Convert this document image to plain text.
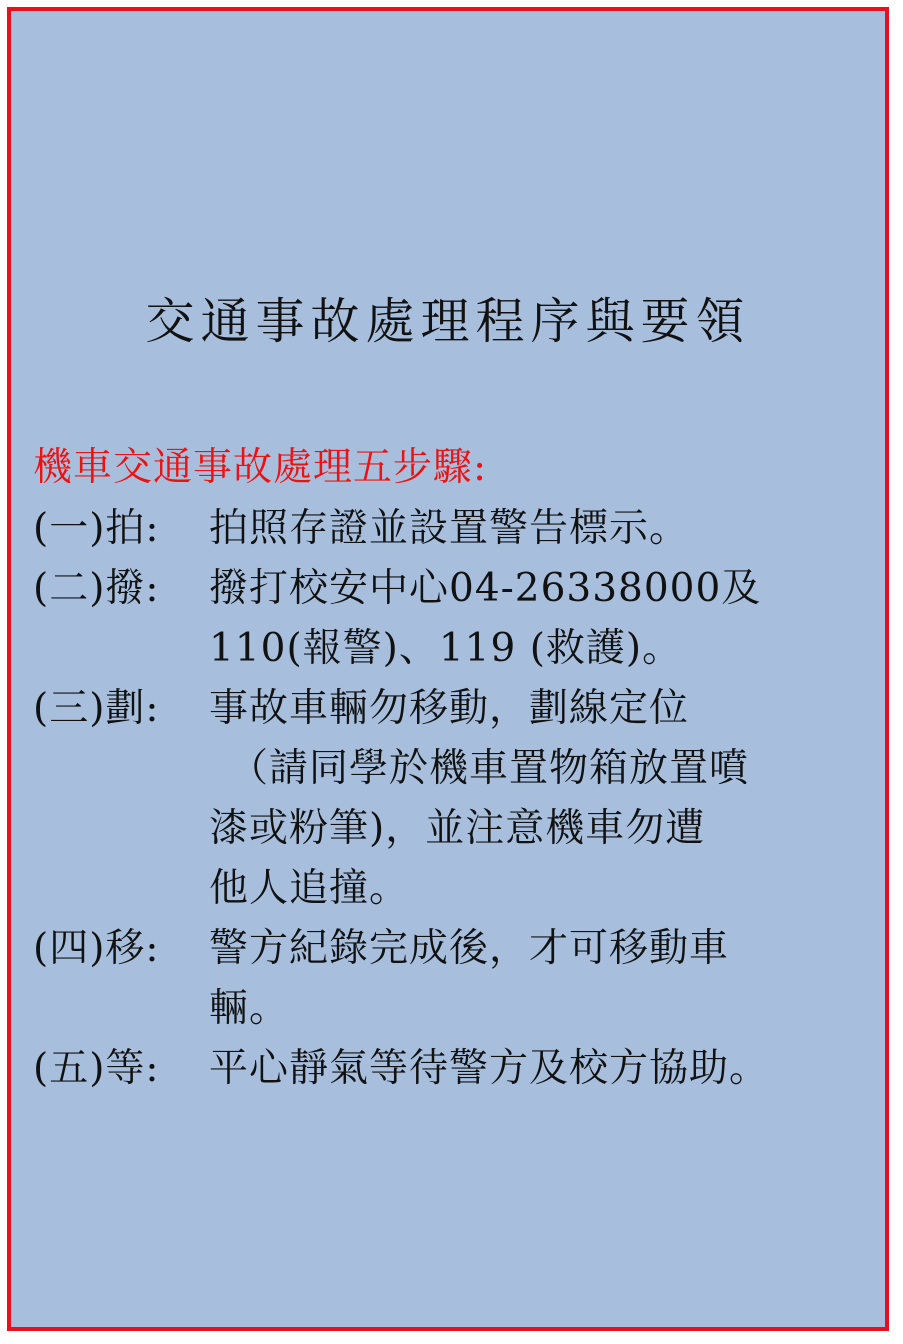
交通事故處理程序與要領
機車交通事故處理五步驟:
(一)拍:	拍照存證並設置警告標示。
(二)撥:	撥打校安中心04-26338000及
110(報警)、119 (救護)。
(三)劃:	事故車輛勿移動，劃線定位
（請同學於機車置物箱放置噴
漆或粉筆)，並注意機車勿遭
他人追撞。
(四)移:	警方紀錄完成後，才可移動車
輛。
(五)等:	平心靜氣等待警方及校方協助。
